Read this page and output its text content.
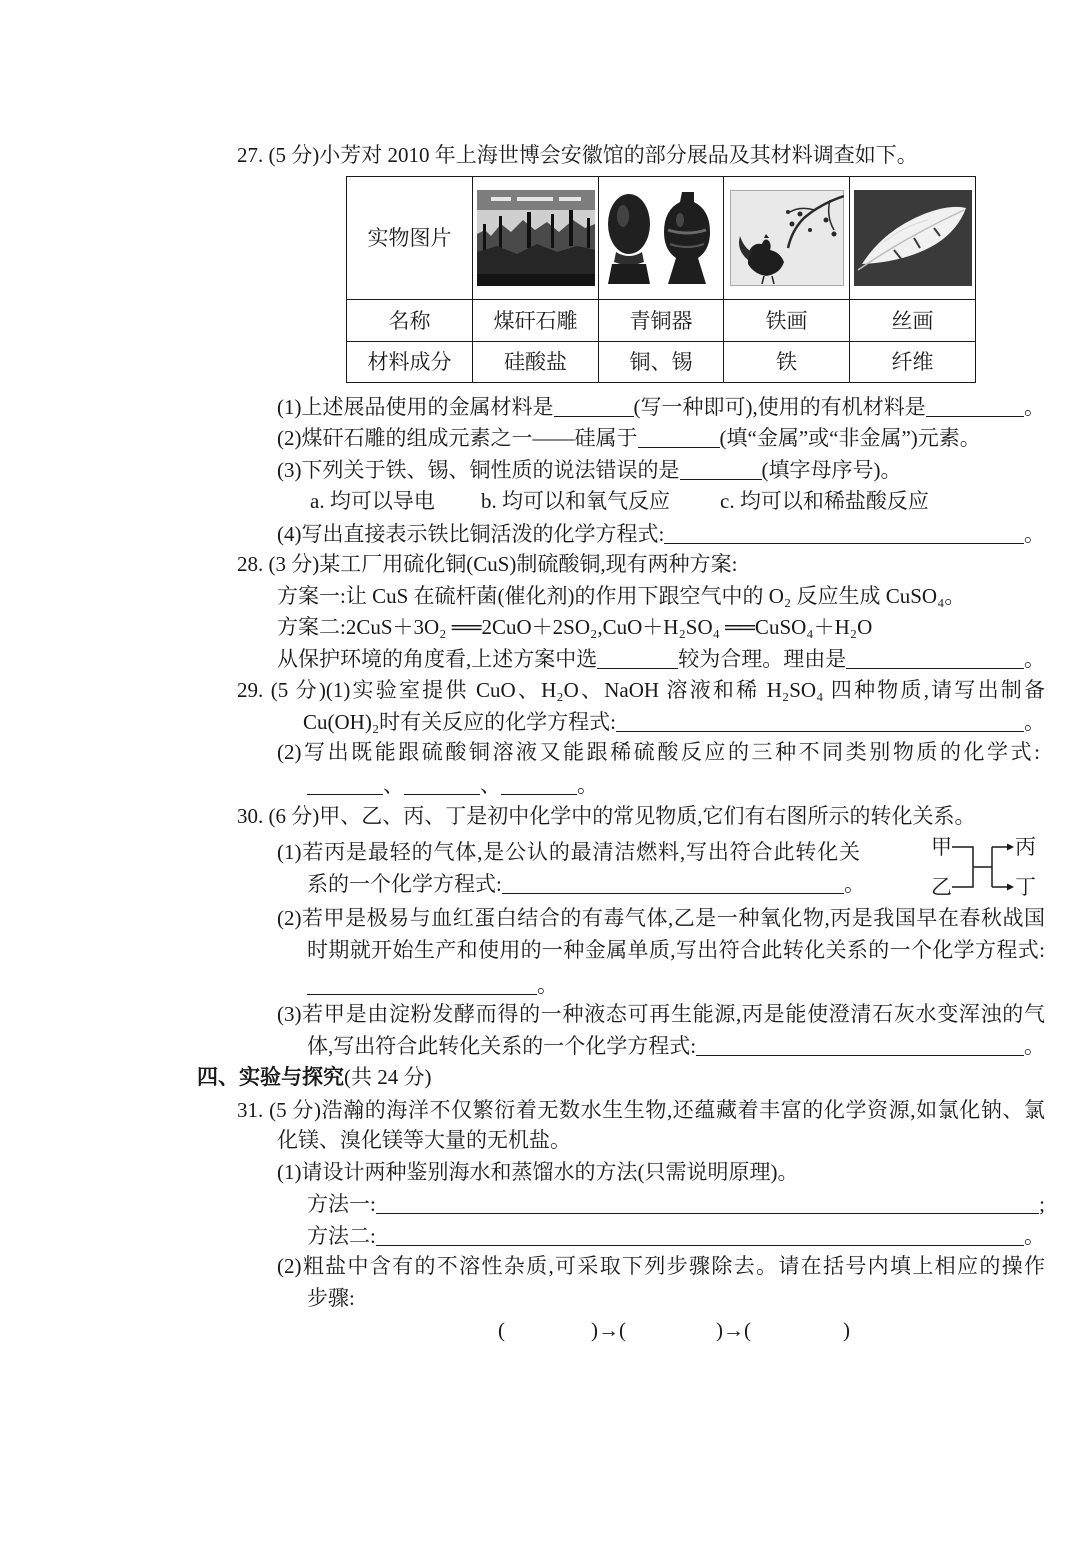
27. (5 分)小芳对 2010 年上海世博会安徽馆的部分展品及其材料调查如下。
实物图片	

名称	煤矸石雕	青铜器	铁画	丝画
材料成分	硅酸盐	铜、锡	铁	纤维
(1)上述展品使用的金属材料是	(写一种即可),使用的有机材料是	。
(2)煤矸石雕的组成元素之一——硅属于	(填“金属”或“非金属”)元素。
(3)下列关于铁、锡、铜性质的说法错误的是	(填字母序号)。
a. 均可以导电 b. 均可以和氧气反应 c. 均可以和稀盐酸反应
(4)写出直接表示铁比铜活泼的化学方程式:	。
28. (3 分)某工厂用硫化铜(CuS)制硫酸铜,现有两种方案:
方案一:让 CuS 在硫杆菌(催化剂)的作用下跟空气中的 O₂ 反应生成 CuSO₄。
方案二:2CuS＋3O₂ ══2CuO＋2SO₂,CuO＋H₂SO₄ ══CuSO₄＋H₂O
从保护环境的角度看,上述方案中选	较为合理。理由是	。
29. (5 分)(1)实验室提供 CuO、H₂O、NaOH 溶液和稀 H₂SO₄ 四种物质,请写出制备
Cu(OH)₂时有关反应的化学方程式:	。
(2)写出既能跟硫酸铜溶液又能跟稀硫酸反应的三种不同类别物质的化学式:
、	、	。
30. (6 分)甲、乙、丙、丁是初中化学中的常见物质,它们有右图所示的转化关系。
(1)若丙是最轻的气体,是公认的最清洁燃料,写出符合此转化关
系的一个化学方程式:	。
甲
乙
丙
丁
(2)若甲是极易与血红蛋白结合的有毒气体,乙是一种氧化物,丙是我国早在春秋战国
时期就开始生产和使用的一种金属单质,写出符合此转化关系的一个化学方程式:
。
(3)若甲是由淀粉发酵而得的一种液态可再生能源,丙是能使澄清石灰水变浑浊的气
体,写出符合此转化关系的一个化学方程式:	。
四、实验与探究(共 24 分)
31. (5 分)浩瀚的海洋不仅繁衍着无数水生生物,还蕴藏着丰富的化学资源,如氯化钠、氯
化镁、溴化镁等大量的无机盐。
(1)请设计两种鉴别海水和蒸馏水的方法(只需说明原理)。
方法一:	;
方法二:	。
(2)粗盐中含有的不溶性杂质,可采取下列步骤除去。请在括号内填上相应的操作
步骤:
(	)→(	)→(	)
